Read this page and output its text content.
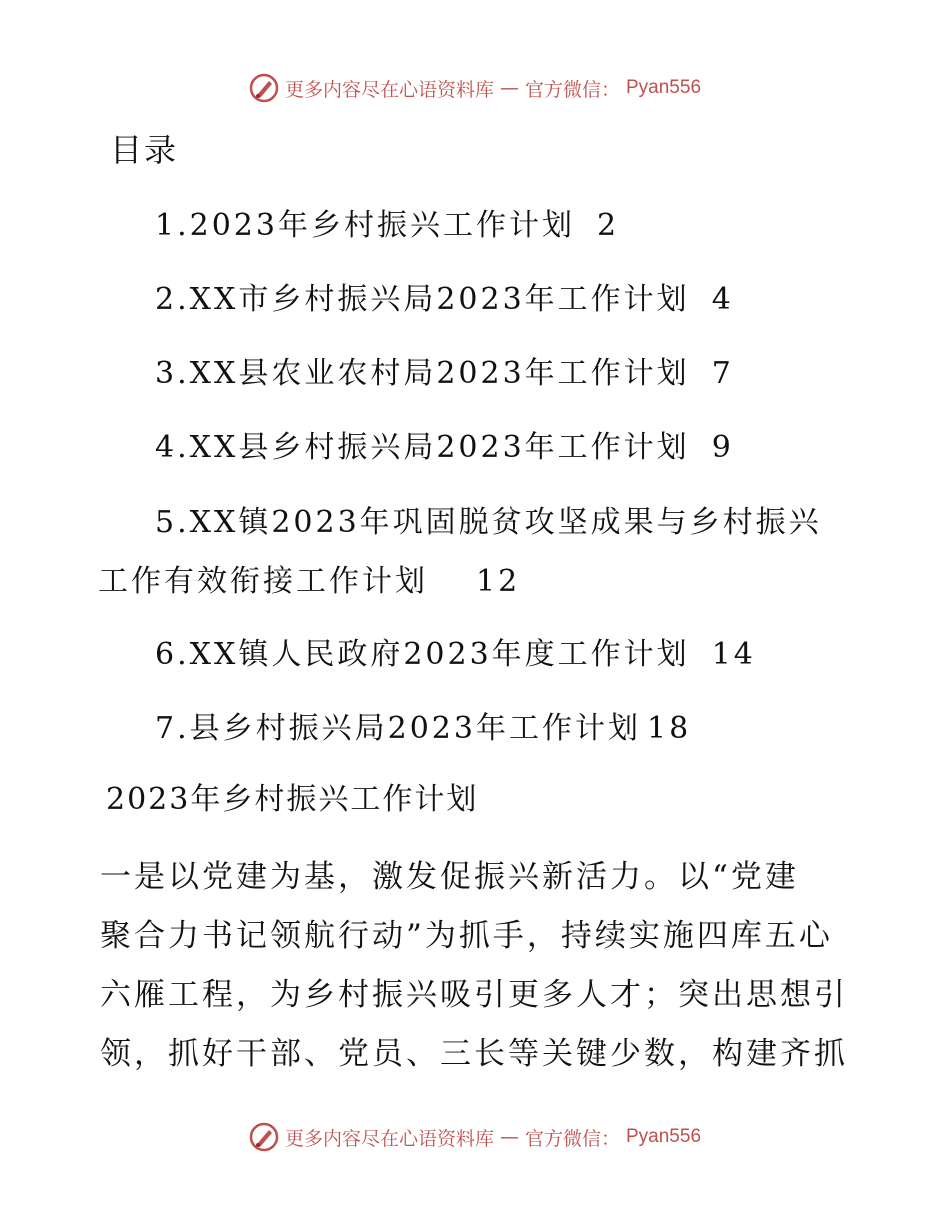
更多内容尽在心语资料库 — 官方微信： Pyan556
目录
1.2023年乡村振兴工作计划 2
2.XX市乡村振兴局2023年工作计划 4
3.XX县农业农村局2023年工作计划 7
4.XX县乡村振兴局2023年工作计划 9
5.XX镇2023年巩固脱贫攻坚成果与乡村振兴
工作有效衔接工作计划 12
6.XX镇人民政府2023年度工作计划 14
7.县乡村振兴局2023年工作计划 18
2023年乡村振兴工作计划
一是以党建为基，激发促振兴新活力。以“党建
聚合力书记领航行动”为抓手，持续实施四库五心
六雁工程，为乡村振兴吸引更多人才；突出思想引
领，抓好干部、党员、三长等关键少数，构建齐抓
更多内容尽在心语资料库 — 官方微信： Pyan556
